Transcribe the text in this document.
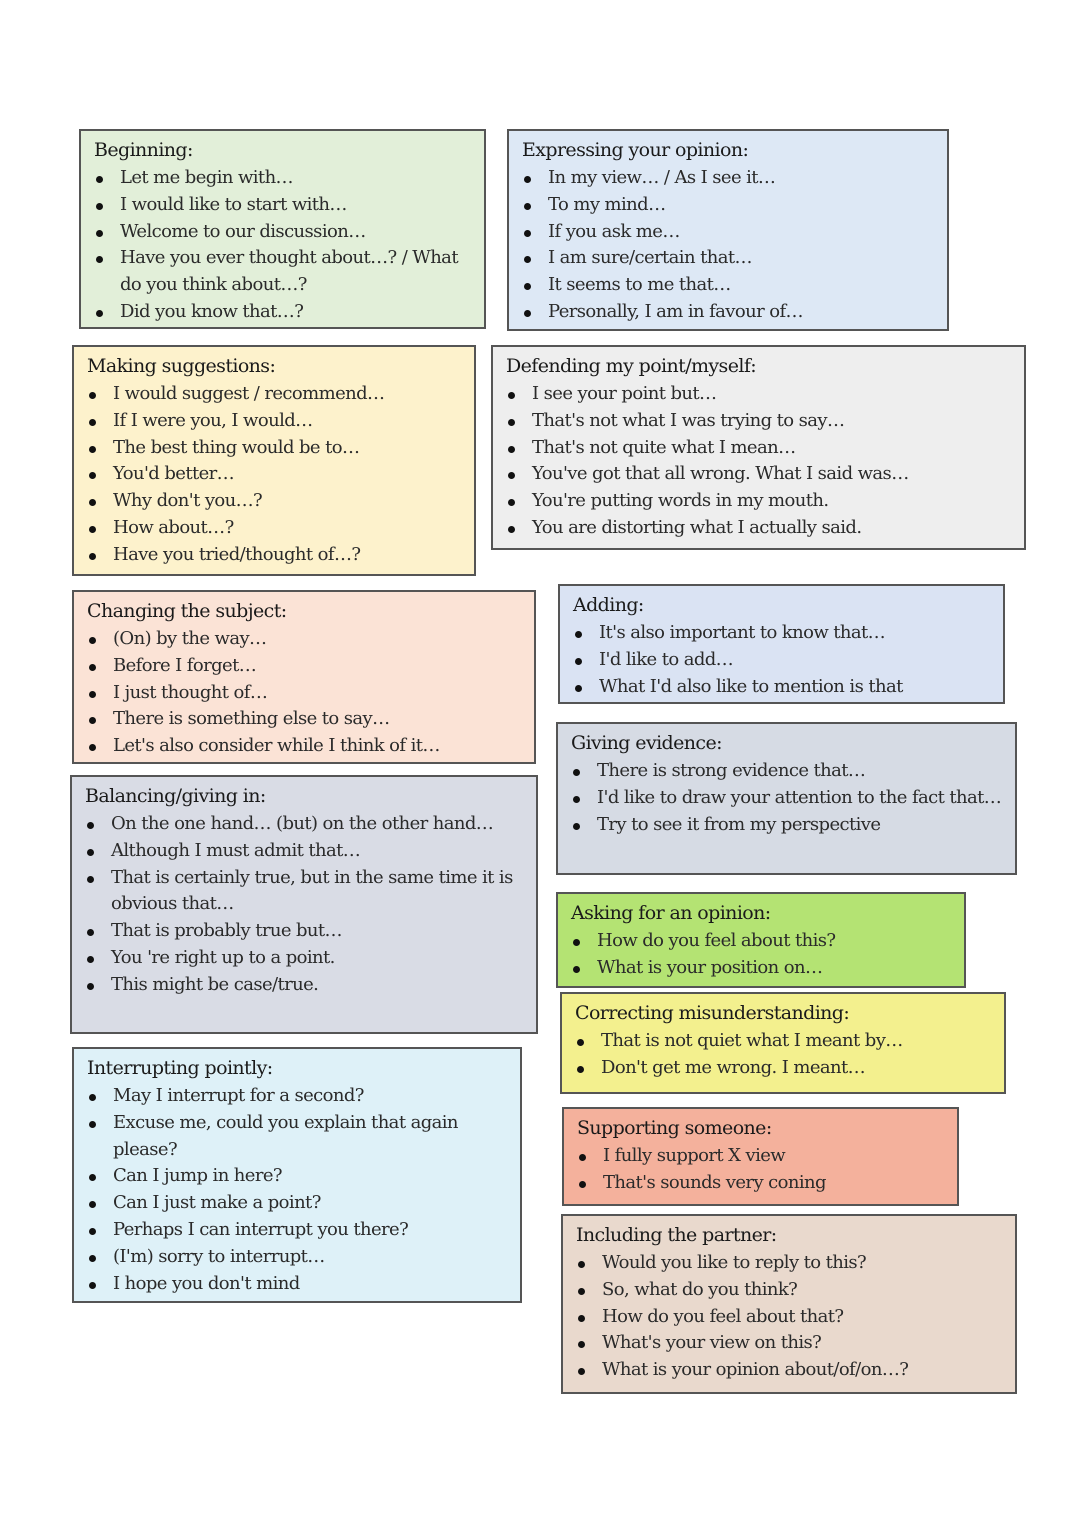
Beginning:
Let me begin with…
I would like to start with…
Welcome to our discussion…
Have you ever thought about…? / What do you think about…?
Did you know that…?
Expressing your opinion:
In my view… / As I see it…
To my mind…
If you ask me…
I am sure/certain that…
It seems to me that…
Personally, I am in favour of…
Making suggestions:
I would suggest / recommend…
If I were you, I would…
The best thing would be to…
You'd better…
Why don't you…?
How about…?
Have you tried/thought of…?
Defending my point/myself:
I see your point but…
That's not what I was trying to say…
That's not quite what I mean…
You've got that all wrong. What I said was…
You're putting words in my mouth.
You are distorting what I actually said.
Changing the subject:
(On) by the way…
Before I forget…
I just thought of…
There is something else to say…
Let's also consider while I think of it…
Adding:
It's also important to know that…
I'd like to add…
What I'd also like to mention is that
Balancing/giving in:
On the one hand… (but) on the other hand…
Although I must admit that…
That is certainly true, but in the same time it is obvious that…
That is probably true but…
You 're right up to a point.
This might be case/true.
Giving evidence:
There is strong evidence that…
I'd like to draw your attention to the fact that…
Try to see it from my perspective
Asking for an opinion:
How do you feel about this?
What is your position on…
Correcting misunderstanding:
That is not quiet what I meant by…
Don't get me wrong. I meant…
Interrupting pointly:
May I interrupt for a second?
Excuse me, could you explain that again please?
Can I jump in here?
Can I just make a point?
Perhaps I can interrupt you there?
(I'm) sorry to interrupt…
I hope you don't mind
Supporting someone:
I fully support X view
That's sounds very coning
Including the partner:
Would you like to reply to this?
So, what do you think?
How do you feel about that?
What's your view on this?
What is your opinion about/of/on…?
